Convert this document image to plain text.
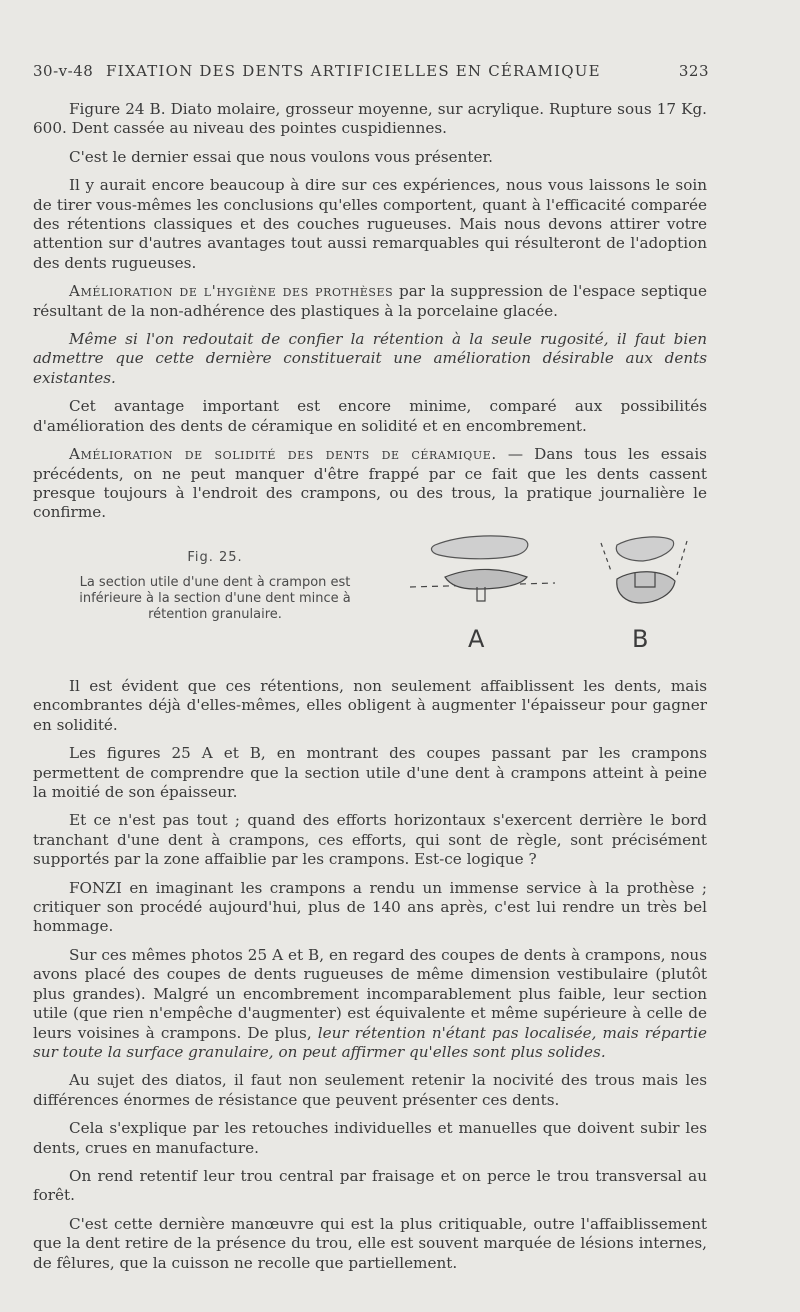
30-v-48 FIXATION DES DENTS ARTIFICIELLES EN CÉRAMIQUE	323

Figure 24 B. Diato molaire, grosseur moyenne, sur acrylique. Rupture sous 17 Kg. 600. Dent cassée au niveau des pointes cuspidiennes.

C'est le dernier essai que nous voulons vous présenter.

Il y aurait encore beaucoup à dire sur ces expériences, nous vous laissons le soin de tirer vous-mêmes les conclusions qu'elles comportent, quant à l'efficacité comparée des rétentions classiques et des couches rugueuses. Mais nous devons attirer votre attention sur d'autres avantages tout aussi remarquables qui résulteront de l'adoption des dents rugueuses.

Amélioration de l'hygiène des prothèses par la suppression de l'espace septique résultant de la non-adhérence des plastiques à la porcelaine glacée.

Même si l'on redoutait de confier la rétention à la seule rugosité, il faut bien admettre que cette dernière constituerait une amélioration désirable aux dents existantes.

Cet avantage important est encore minime, comparé aux possibilités d'amélioration des dents de céramique en solidité et en encombrement.

Amélioration de solidité des dents de céramique. — Dans tous les essais précédents, on ne peut manquer d'être frappé par ce fait que les dents cassent presque toujours à l'endroit des crampons, ou des trous, la pratique journalière le confirme.

Fig. 25.
La section utile d'une dent à crampon est inférieure à la section d'une dent mince à rétention granulaire.
A	B

Il est évident que ces rétentions, non seulement affaiblissent les dents, mais encombrantes déjà d'elles-mêmes, elles obligent à augmenter l'épaisseur pour gagner en solidité.

Les figures 25 A et B, en montrant des coupes passant par les crampons permettent de comprendre que la section utile d'une dent à crampons atteint à peine la moitié de son épaisseur.

Et ce n'est pas tout ; quand des efforts horizontaux s'exercent derrière le bord tranchant d'une dent à crampons, ces efforts, qui sont de règle, sont précisément supportés par la zone affaiblie par les crampons. Est-ce logique ?

FONZI en imaginant les crampons a rendu un immense service à la prothèse ; critiquer son procédé aujourd'hui, plus de 140 ans après, c'est lui rendre un très bel hommage.

Sur ces mêmes photos 25 A et B, en regard des coupes de dents à crampons, nous avons placé des coupes de dents rugueuses de même dimension vestibulaire (plutôt plus grandes). Malgré un encombrement incomparablement plus faible, leur section utile (que rien n'empêche d'augmenter) est équivalente et même supérieure à celle de leurs voisines à crampons. De plus, leur rétention n'étant pas localisée, mais répartie sur toute la surface granulaire, on peut affirmer qu'elles sont plus solides.

Au sujet des diatos, il faut non seulement retenir la nocivité des trous mais les différences énormes de résistance que peuvent présenter ces dents.

Cela s'explique par les retouches individuelles et manuelles que doivent subir les dents, crues en manufacture.

On rend retentif leur trou central par fraisage et on perce le trou transversal au forêt.

C'est cette dernière manœuvre qui est la plus critiquable, outre l'affaiblissement que la dent retire de la présence du trou, elle est souvent marquée de lésions internes, de fêlures, que la cuisson ne recolle que partiellement.
